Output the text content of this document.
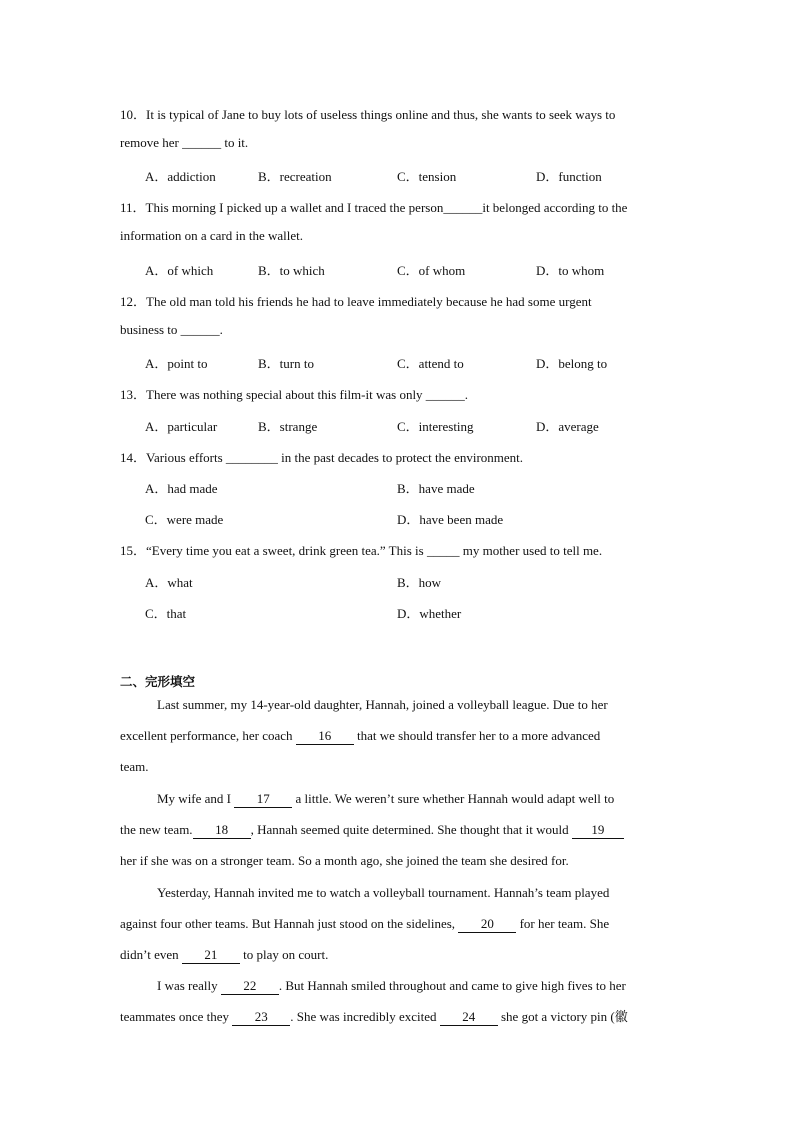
10．It is typical of Jane to buy lots of useless things online and thus, she wants to seek ways to
remove her ______ to it.
A．addiction	B．recreation	C．tension	D．function
11．This morning I picked up a wallet and I traced the person______it belonged according to the
information on a card in the wallet.
A．of which	B．to which	C．of whom	D．to whom
12．The old man told his friends he had to leave immediately because he had some urgent
business to ______.
A．point to	B．turn to	C．attend to	D．belong to
13．There was nothing special about this film-it was only ______.
A．particular	B．strange	C．interesting	D．average
14．Various efforts ________ in the past decades to protect the environment.
A．had made	B．have made
C．were made	D．have been made
15．“Every time you eat a sweet, drink green tea.” This is _____ my mother used to tell me.
A．what	B．how
C．that	D．whether
二、完形填空
Last summer, my 14-year-old daughter, Hannah, joined a volleyball league. Due to her
excellent performance, her coach 16 that we should transfer her to a more advanced
team.
My wife and I 17 a little. We weren’t sure whether Hannah would adapt well to
the new team. 18 , Hannah seemed quite determined. She thought that it would 19
her if she was on a stronger team. So a month ago, she joined the team she desired for.
Yesterday, Hannah invited me to watch a volleyball tournament. Hannah’s team played
against four other teams. But Hannah just stood on the sidelines, 20 for her team. She
didn’t even 21 to play on court.
I was really 22 . But Hannah smiled throughout and came to give high fives to her
teammates once they 23 . She was incredibly excited 24 she got a victory pin (徽
